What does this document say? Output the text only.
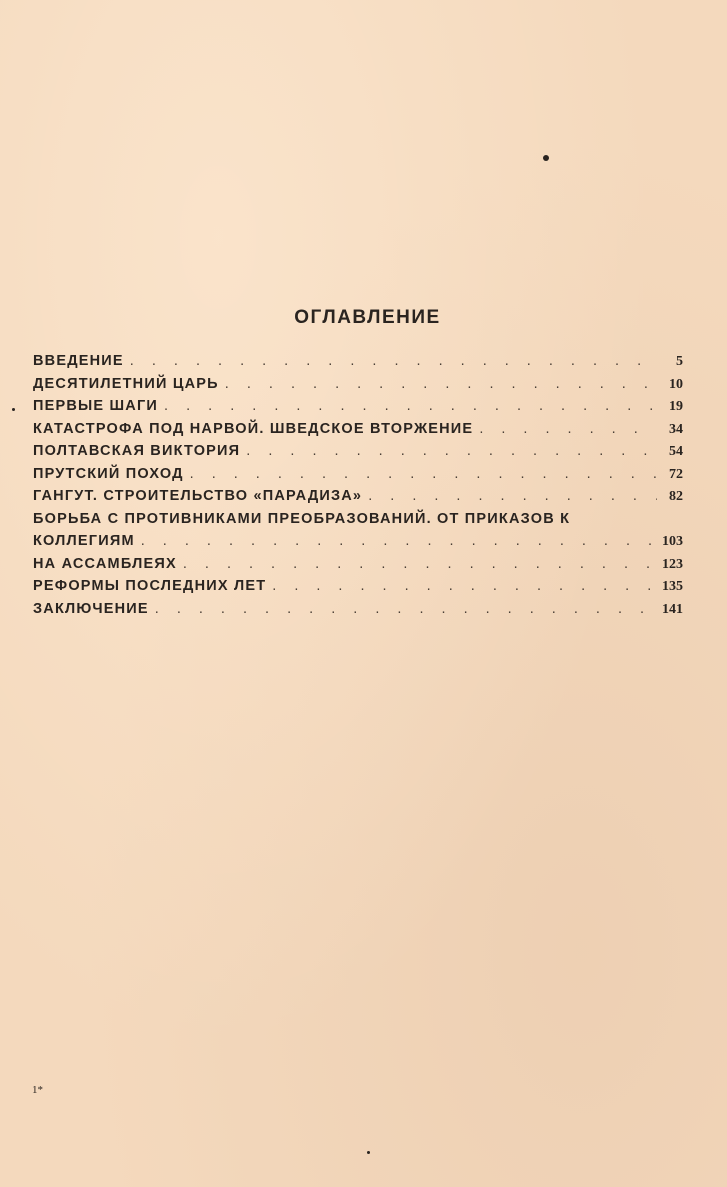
ОГЛАВЛЕНИЕ
ВВЕДЕНИЕ . . .	5
ДЕСЯТИЛЕТНИЙ ЦАРЬ . . .	10
ПЕРВЫЕ ШАГИ . . .	19
КАТАСТРОФА ПОД НАРВОЙ. ШВЕДСКОЕ ВТОРЖЕНИЕ . . .	34
ПОЛТАВСКАЯ ВИКТОРИЯ . . .	54
ПРУТСКИЙ ПОХОД . . .	72
ГАНГУТ. СТРОИТЕЛЬСТВО «ПАРАДИЗА» . . .	82
БОРЬБА С ПРОТИВНИКАМИ ПРЕОБРАЗОВАНИЙ. ОТ ПРИКАЗОВ К
КОЛЛЕГИЯМ . . .	103
НА АССАМБЛЕЯХ . . .	123
РЕФОРМЫ ПОСЛЕДНИХ ЛЕТ . . .	135
ЗАКЛЮЧЕНИЕ . . .	141
1*
